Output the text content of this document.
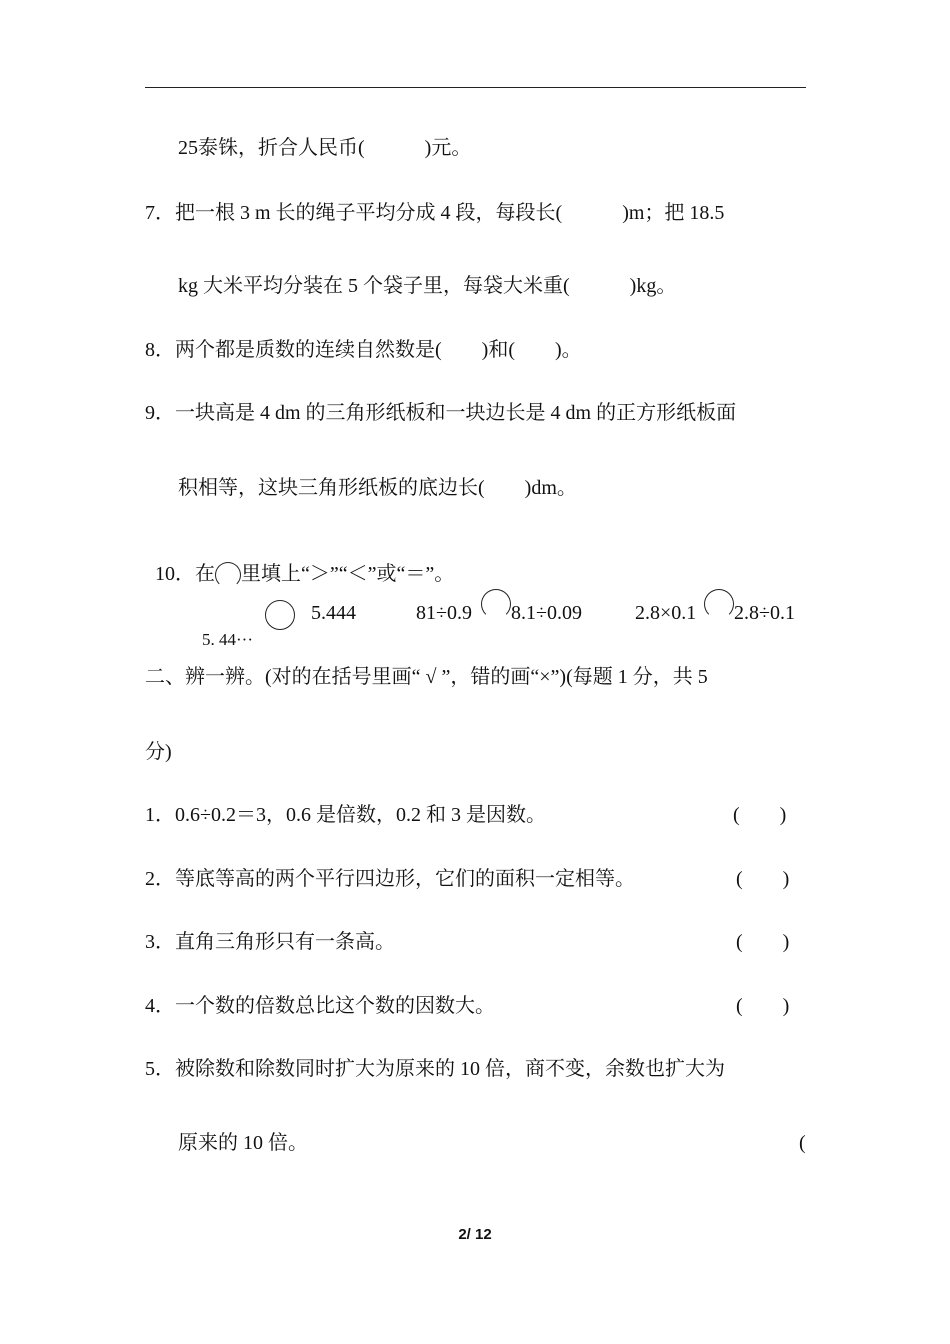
25泰铢，折合人民币(　　　)元。
7．把一根 3 m 长的绳子平均分成 4 段，每段长(　　　)m；把 18.5
kg 大米平均分装在 5 个袋子里，每袋大米重(　　　)kg。
8．两个都是质数的连续自然数是(　　)和(　　)。
9．一块高是 4 dm 的三角形纸板和一块边长是 4 dm 的正方形纸板面
积相等，这块三角形纸板的底边长(　　)dm。

10．在 里填上“＞”“＜”或“＝”。

5. 44···

5.444	81÷0.9 8.1÷0.09	2.8×0.1 2.8÷0.1
二、辨一辨。(对的在括号里画“ √ ”，错的画“×”)(每题 1 分，共 5
分)
1．0.6÷0.2＝3，0.6 是倍数，0.2 和 3 是因数。	(　　)
2．等底等高的两个平行四边形，它们的面积一定相等。	(　　)
3．直角三角形只有一条高。	(　　)
4．一个数的倍数总比这个数的因数大。	(　　)
5．被除数和除数同时扩大为原来的 10 倍，商不变，余数也扩大为
原来的 10 倍。	(
2/ 12
